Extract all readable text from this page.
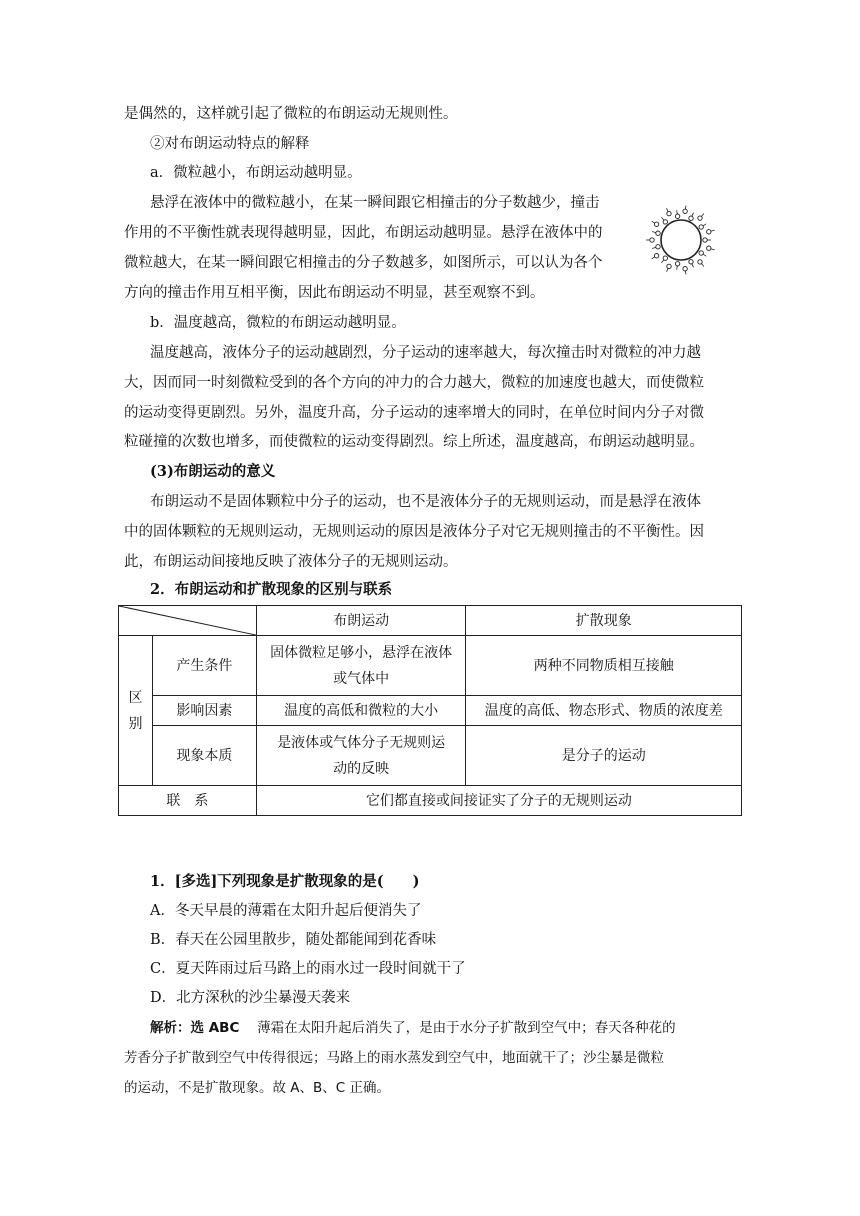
是偶然的，这样就引起了微粒的布朗运动无规则性。
②对布朗运动特点的解释
a．微粒越小，布朗运动越明显。
悬浮在液体中的微粒越小，在某一瞬间跟它相撞击的分子数越少，撞击
作用的不平衡性就表现得越明显，因此，布朗运动越明显。悬浮在液体中的
微粒越大，在某一瞬间跟它相撞击的分子数越多，如图所示，可以认为各个
方向的撞击作用互相平衡，因此布朗运动不明显，甚至观察不到。
b．温度越高，微粒的布朗运动越明显。
温度越高，液体分子的运动越剧烈，分子运动的速率越大，每次撞击时对微粒的冲力越
大，因而同一时刻微粒受到的各个方向的冲力的合力越大，微粒的加速度也越大，而使微粒
的运动变得更剧烈。另外，温度升高，分子运动的速率增大的同时，在单位时间内分子对微
粒碰撞的次数也增多，而使微粒的运动变得剧烈。综上所述，温度越高，布朗运动越明显。
(3)布朗运动的意义
布朗运动不是固体颗粒中分子的运动，也不是液体分子的无规则运动，而是悬浮在液体
中的固体颗粒的无规则运动，无规则运动的原因是液体分子对它无规则撞击的不平衡性。因
此，布朗运动间接地反映了液体分子的无规则运动。
2．布朗运动和扩散现象的区别与联系
	布朗运动	扩散现象
区
别	产生条件	固体微粒足够小，悬浮在液体
或气体中	两种不同物质相互接触
	影响因素	温度的高低和微粒的大小	温度的高低、物态形式、物质的浓度差
	现象本质	是液体或气体分子无规则运
动的反映	是分子的运动
联　系		它们都直接或间接证实了分子的无规则运动	
1．[多选]下列现象是扩散现象的是(　　)
A．冬天早晨的薄霜在太阳升起后便消失了
B．春天在公园里散步，随处都能闻到花香味
C．夏天阵雨过后马路上的雨水过一段时间就干了
D．北方深秋的沙尘暴漫天袭来
解析：选 ABC　 薄霜在太阳升起后消失了，是由于水分子扩散到空气中；春天各种花的
芳香分子扩散到空气中传得很远；马路上的雨水蒸发到空气中，地面就干了；沙尘暴是微粒
的运动，不是扩散现象。故 A、B、C 正确。
